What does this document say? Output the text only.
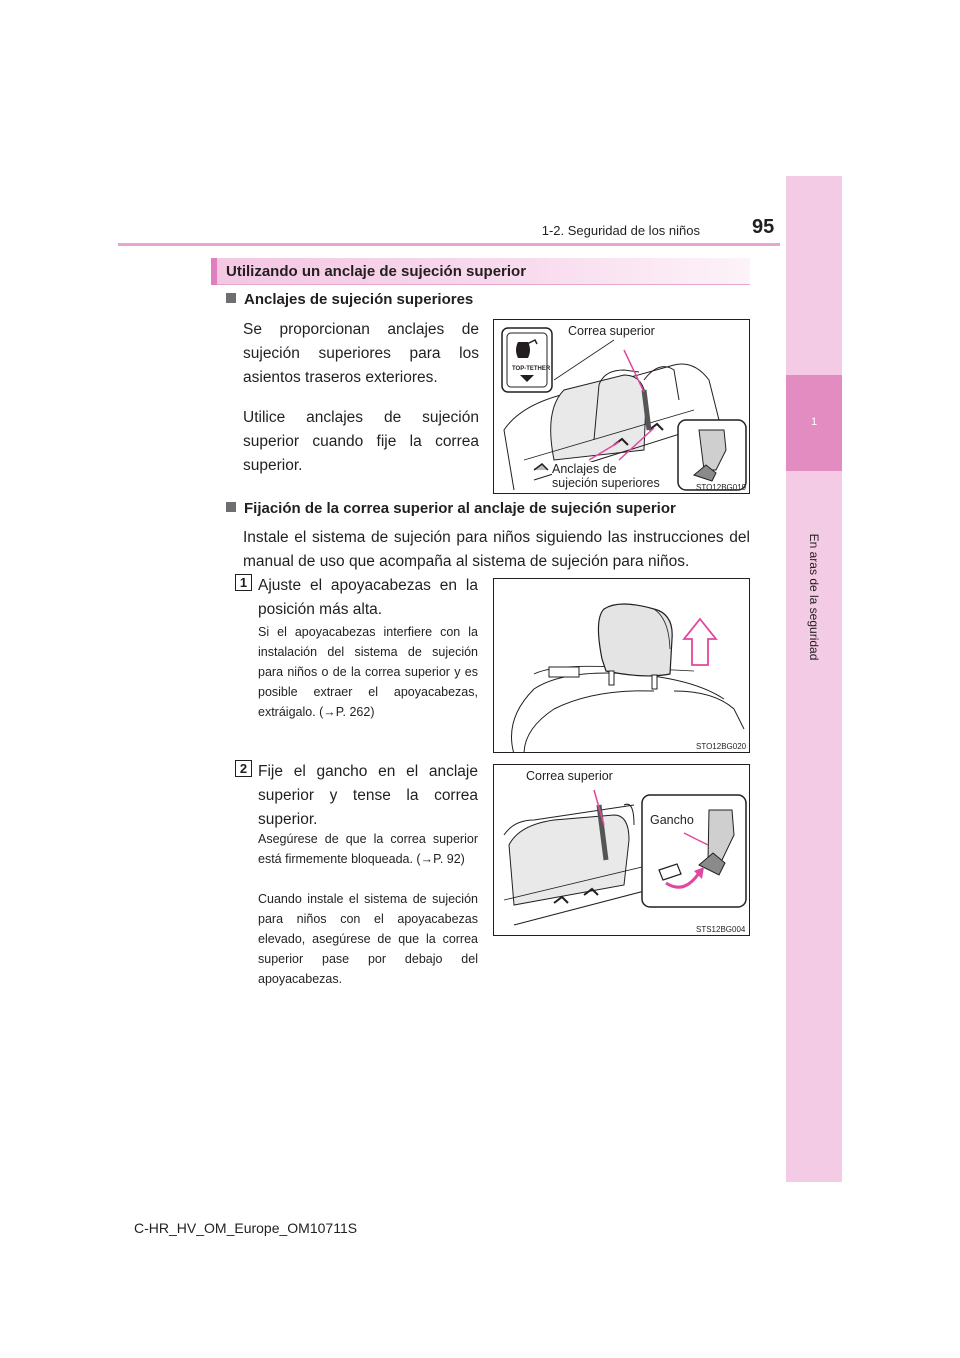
1-2. Seguridad de los niños	95
1
En aras de la seguridad
Utilizando un anclaje de sujeción superior
Anclajes de sujeción superiores
Se proporcionan anclajes de sujeción superiores para los asientos traseros exteriores.
Utilice anclajes de sujeción superior cuando fije la correa superior.
Correa superior
Anclajes de
sujeción superiores
TOP-TETHER
STO12BG019
Fijación de la correa superior al anclaje de sujeción superior
Instale el sistema de sujeción para niños siguiendo las instrucciones del manual de uso que acompaña al sistema de sujeción para niños.
1 Ajuste el apoyacabezas en la posición más alta.
Si el apoyacabezas interfiere con la instalación del sistema de sujeción para niños o de la correa superior y es posible extraer el apoyacabezas, extráigalo. (→P. 262)
STO12BG020
2 Fije el gancho en el anclaje superior y tense la correa superior.
Asegúrese de que la correa superior está firmemente bloqueada. (→P. 92)
Cuando instale el sistema de sujeción para niños con el apoyacabezas elevado, asegúrese de que la correa superior pase por debajo del apoyacabezas.
Correa superior
Gancho
STS12BG004
C-HR_HV_OM_Europe_OM10711S
